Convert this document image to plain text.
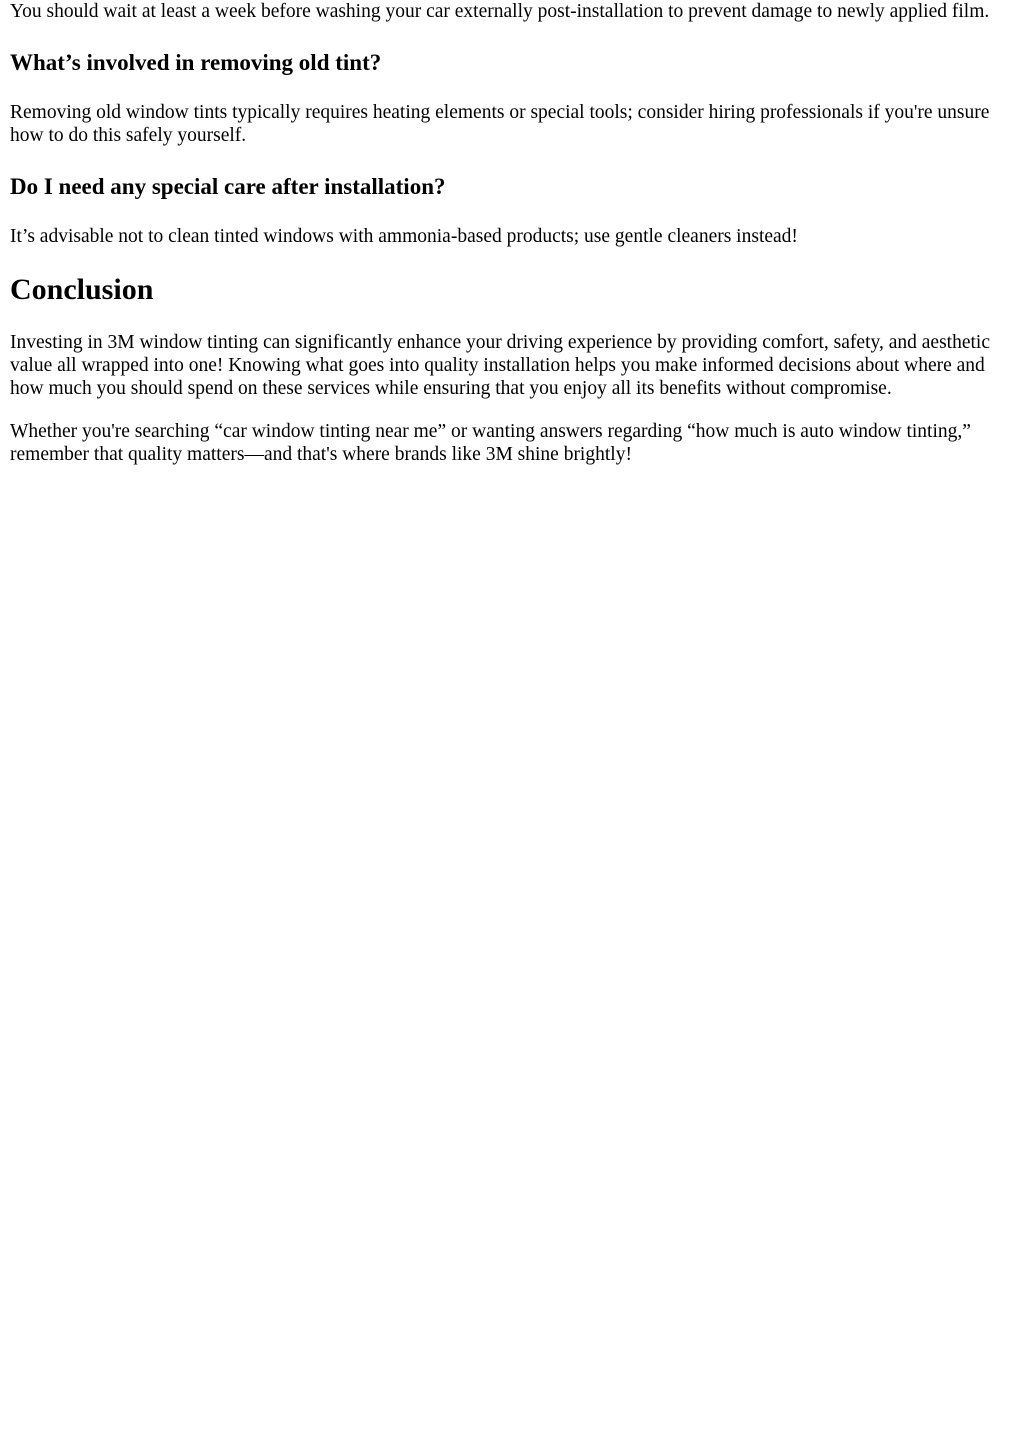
You should wait at least a week before washing your car externally post-installation to prevent damage to newly applied film.

What’s involved in removing old tint?

Removing old window tints typically requires heating elements or special tools; consider hiring professionals if you're unsure how to do this safely yourself.

Do I need any special care after installation?

It’s advisable not to clean tinted windows with ammonia-based products; use gentle cleaners instead!

Conclusion

Investing in 3M window tinting can significantly enhance your driving experience by providing comfort, safety, and aesthetic value all wrapped into one! Knowing what goes into quality installation helps you make informed decisions about where and how much you should spend on these services while ensuring that you enjoy all its benefits without compromise.

Whether you're searching “car window tinting near me” or wanting answers regarding “how much is auto window tinting,” remember that quality matters—and that's where brands like 3M shine brightly!
